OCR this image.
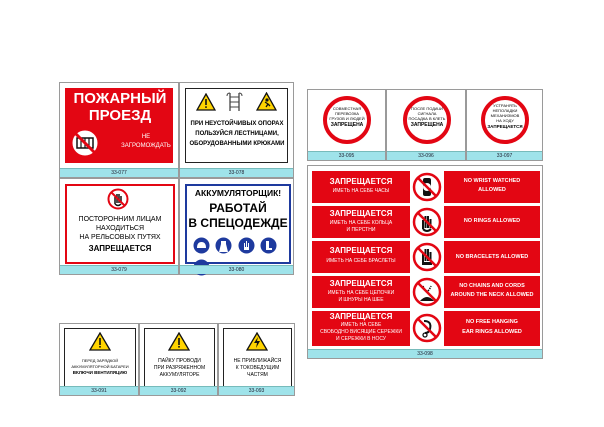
ПОЖАРНЫЙ
ПРОЕЗД
НЕ
ЗАГРОМОЖДАТЬ
33-077
ПРИ НЕУСТОЙЧИВЫХ ОПОРАХ
ПОЛЬЗУЙСЯ ЛЕСТНИЦАМИ,
ОБОРУДОВАННЫМИ КРЮКАМИ
33-078
ПОСТОРОННИМ ЛИЦАМ
НАХОДИТЬСЯ
НА РЕЛЬСОВЫХ ПУТЯХ
ЗАПРЕЩАЕТСЯ
33-079
АККУМУЛЯТОРЩИК!
РАБОТАЙ
В СПЕЦОДЕЖДЕ

33-080
СОВМЕСТНАЯ
ПЕРЕВОЗКА
ГРУЗОВ И ЛЮДЕЙ
ЗАПРЕЩЕНА
33-095
ПОСЛЕ ПОДАЧИ
СИГНАЛА
ПОСАДКА В КЛЕТЬ
ЗАПРЕЩЕНА
33-096
УСТРАНЯТЬ
НЕПОЛАДКИ
МЕХАНИЗМОВ
НА ХОДУ
ЗАПРЕЩАЕТСЯ
33-097
ЗАПРЕЩАЕТСЯ
ИМЕТЬ НА СЕБЕ ЧАСЫ
NO WRIST WATCHED
ALLOWED
ЗАПРЕЩАЕТСЯ
ИМЕТЬ НА СЕБЕ КОЛЬЦА
И ПЕРСТНИ
NO RINGS ALLOWED
ЗАПРЕЩАЕТСЯ
ИМЕТЬ НА СЕБЕ БРАСЛЕТЫ
NO BRACELETS ALLOWED
ЗАПРЕЩАЕТСЯ
ИМЕТЬ НА СЕБЕ ЦЕПОЧКИ
И ШНУРЫ НА ШЕЕ
NO CHAINS AND CORDS
AROUND THE NECK ALLOWED
ЗАПРЕЩАЕТСЯ
ИМЕТЬ НА СЕБЕ
СВОБОДНО ВИСЯЩИЕ СЕРЕЖКИ
И СЕРЕЖКИ В НОСУ
NO FREE HANGING
EAR RINGS ALLOWED
33-098
ПЕРЕД ЗАРЯДКОЙ
АККУМУЛЯТОРНОЙ БАТАРЕИ
ВКЛЮЧИ ВЕНТИЛЯЦИЮ
33-091
ПАЙКУ ПРОВОДИ
ПРИ РАЗРЯЖЕННОМ
АККУМУЛЯТОРЕ
33-092
НЕ ПРИБЛИЖАЙСЯ
К ТОКОВЕДУЩИМ
ЧАСТЯМ
33-093
